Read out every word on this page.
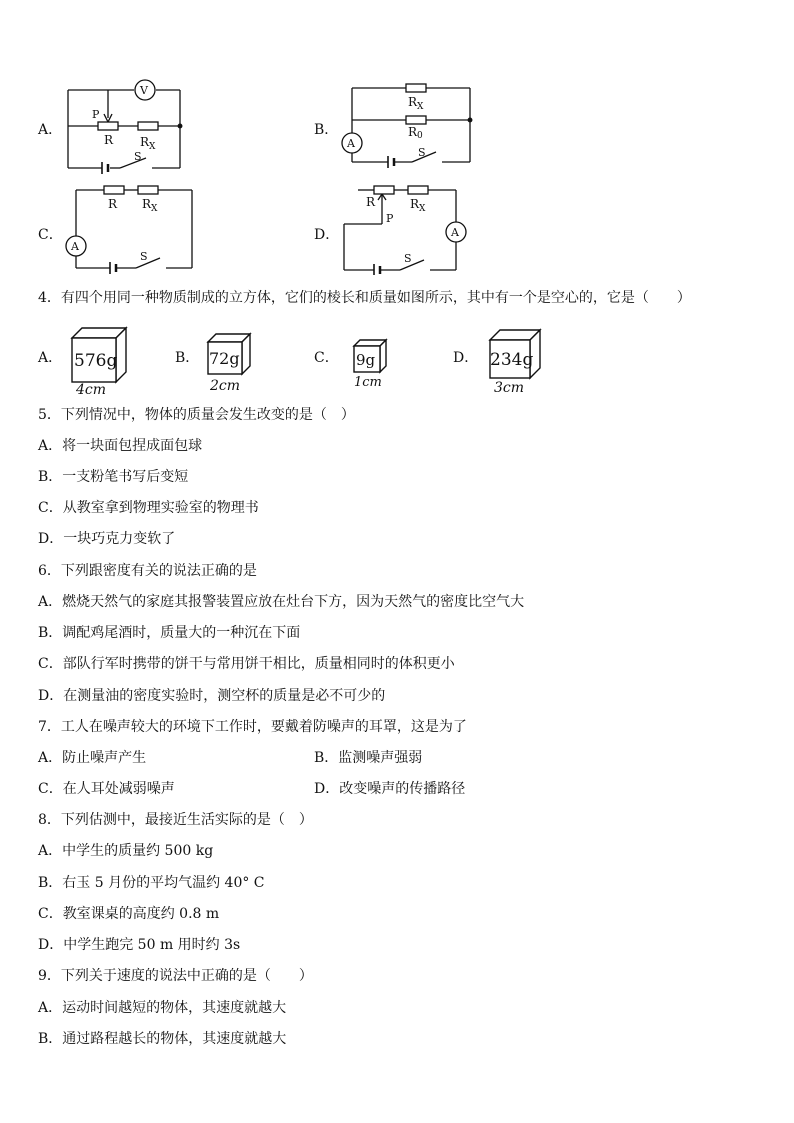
A．
V
P
R $R_X$
S
B．
$R_X$
R0
A
S
C．
R $R_X$
A
S
D．
R
P
$R_X$
A
S
4．有四个用同一种物质制成的立方体，它们的棱长和质量如图所示，其中有一个是空心的，它是（　　）
A． 576g
4cm
B． 72g
2cm
C． 9g
1cm
D． 234g
3cm
5．下列情况中，物体的质量会发生改变的是（　）
A．将一块面包捏成面包球
B．一支粉笔书写后变短
C．从教室拿到物理实验室的物理书
D．一块巧克力变软了
6．下列跟密度有关的说法正确的是
A．燃烧天然气的家庭其报警装置应放在灶台下方，因为天然气的密度比空气大
B．调配鸡尾酒时，质量大的一种沉在下面
C．部队行军时携带的饼干与常用饼干相比，质量相同时的体积更小
D．在测量油的密度实验时，测空杯的质量是必不可少的
7．工人在噪声较大的环境下工作时，要戴着防噪声的耳罩，这是为了
A．防止噪声产生	B．监测噪声强弱
C．在人耳处减弱噪声	D．改变噪声的传播路径
8．下列估测中，最接近生活实际的是（　）
A．中学生的质量约 500 kg
B．右玉 5 月份的平均气温约 40° C
C．教室课桌的高度约 0.8 m
D．中学生跑完 50 m 用时约 3s
9．下列关于速度的说法中正确的是（　　）
A．运动时间越短的物体，其速度就越大
B．通过路程越长的物体，其速度就越大
